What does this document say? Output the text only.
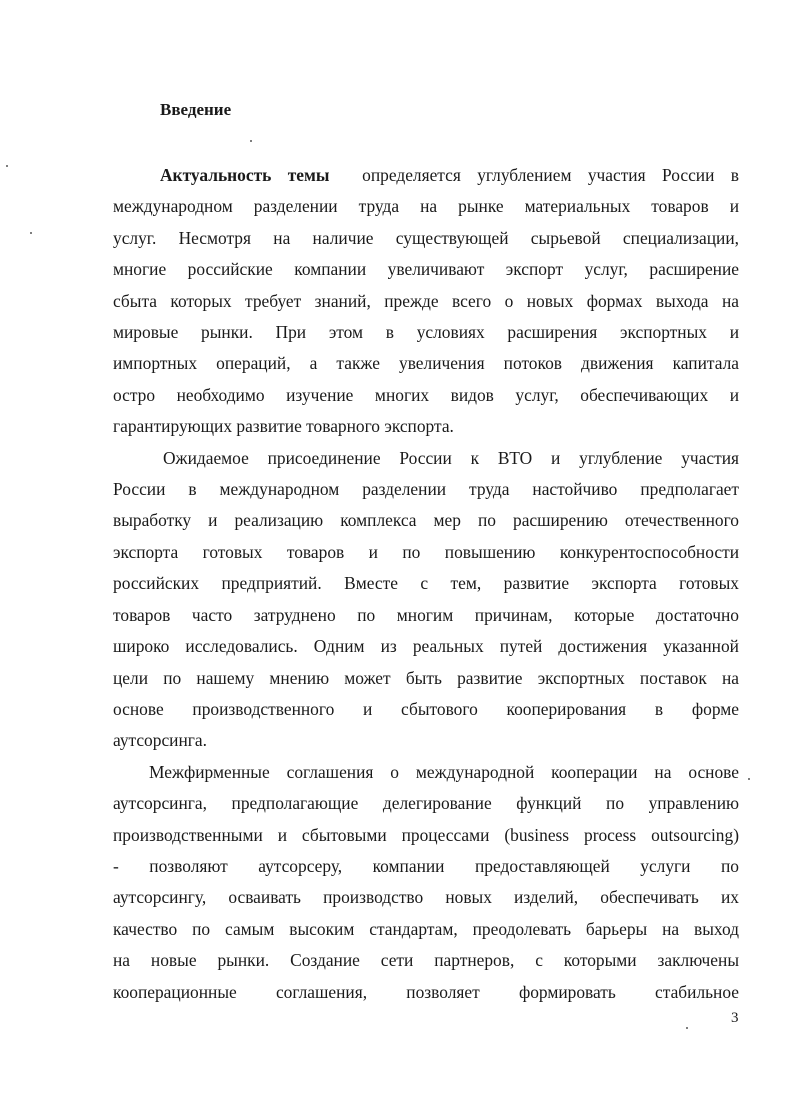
Введение
Актуальность темы определяется углублением участия России в
международном разделении труда на рынке материальных товаров и
услуг. Несмотря на наличие существующей сырьевой специализации,
многие российские компании увеличивают экспорт услуг, расширение
сбыта которых требует знаний, прежде всего о новых формах выхода на
мировые рынки. При этом в условиях расширения экспортных и
импортных операций, а также увеличения потоков движения капитала
остро необходимо изучение многих видов услуг, обеспечивающих и
гарантирующих развитие товарного экспорта.
Ожидаемое присоединение России к ВТО и углубление участия
России в международном разделении труда настойчиво предполагает
выработку и реализацию комплекса мер по расширению отечественного
экспорта готовых товаров и по повышению конкурентоспособности
российских предприятий. Вместе с тем, развитие экспорта готовых
товаров часто затруднено по многим причинам, которые достаточно
широко исследовались. Одним из реальных путей достижения указанной
цели по нашему мнению может быть развитие экспортных поставок на
основе производственного и сбытового кооперирования в форме
аутсорсинга.
Межфирменные соглашения о международной кооперации на основе
аутсорсинга, предполагающие делегирование функций по управлению
производственными и сбытовыми процессами (business process outsourcing)
- позволяют аутсорсеру, компании предоставляющей услуги по
аутсорсингу, осваивать производство новых изделий, обеспечивать их
качество по самым высоким стандартам, преодолевать барьеры на выход
на новые рынки. Создание сети партнеров, с которыми заключены
кооперационные соглашения, позволяет формировать стабильное
3
